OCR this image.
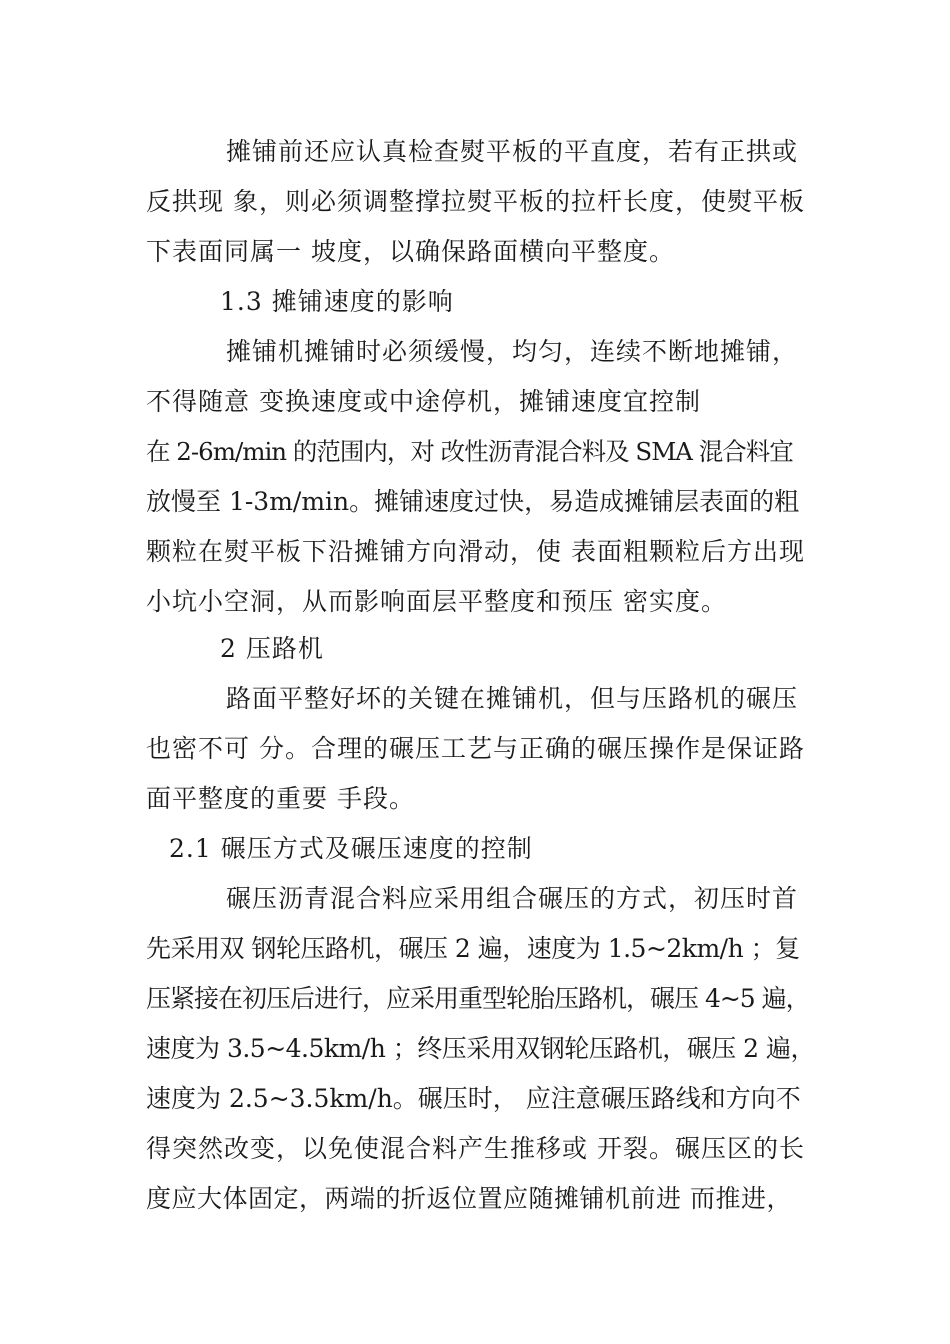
摊铺前还应认真检查熨平板的平直度，若有正拱或
反拱现 象，则必须调整撑拉熨平板的拉杆长度，使熨平板
下表面同属一 坡度，以确保路面横向平整度。
1.3 摊铺速度的影响
摊铺机摊铺时必须缓慢，均匀，连续不断地摊铺，
不得随意 变换速度或中途停机，摊铺速度宜控制
在 2-6m/min 的范围内，对 改性沥青混合料及 SMA 混合料宜
放慢至 1-3m/min。摊铺速度过快，易造成摊铺层表面的粗
颗粒在熨平板下沿摊铺方向滑动，使 表面粗颗粒后方出现
小坑小空洞，从而影响面层平整度和预压 密实度。
2 压路机
路面平整好坏的关键在摊铺机，但与压路机的碾压
也密不可 分。合理的碾压工艺与正确的碾压操作是保证路
面平整度的重要 手段。
2.1 碾压方式及碾压速度的控制
碾压沥青混合料应采用组合碾压的方式，初压时首
先采用双 钢轮压路机，碾压 2 遍，速度为 1.5~2km/h ；复
压紧接在初压后进行，应采用重型轮胎压路机，碾压 4~5 遍，
速度为 3.5~4.5km/h ；终压采用双钢轮压路机，碾压 2 遍，
速度为 2.5~3.5km/h。碾压时， 应注意碾压路线和方向不
得突然改变，以免使混合料产生推移或 开裂。碾压区的长
度应大体固定，两端的折返位置应随摊铺机前进 而推进，
